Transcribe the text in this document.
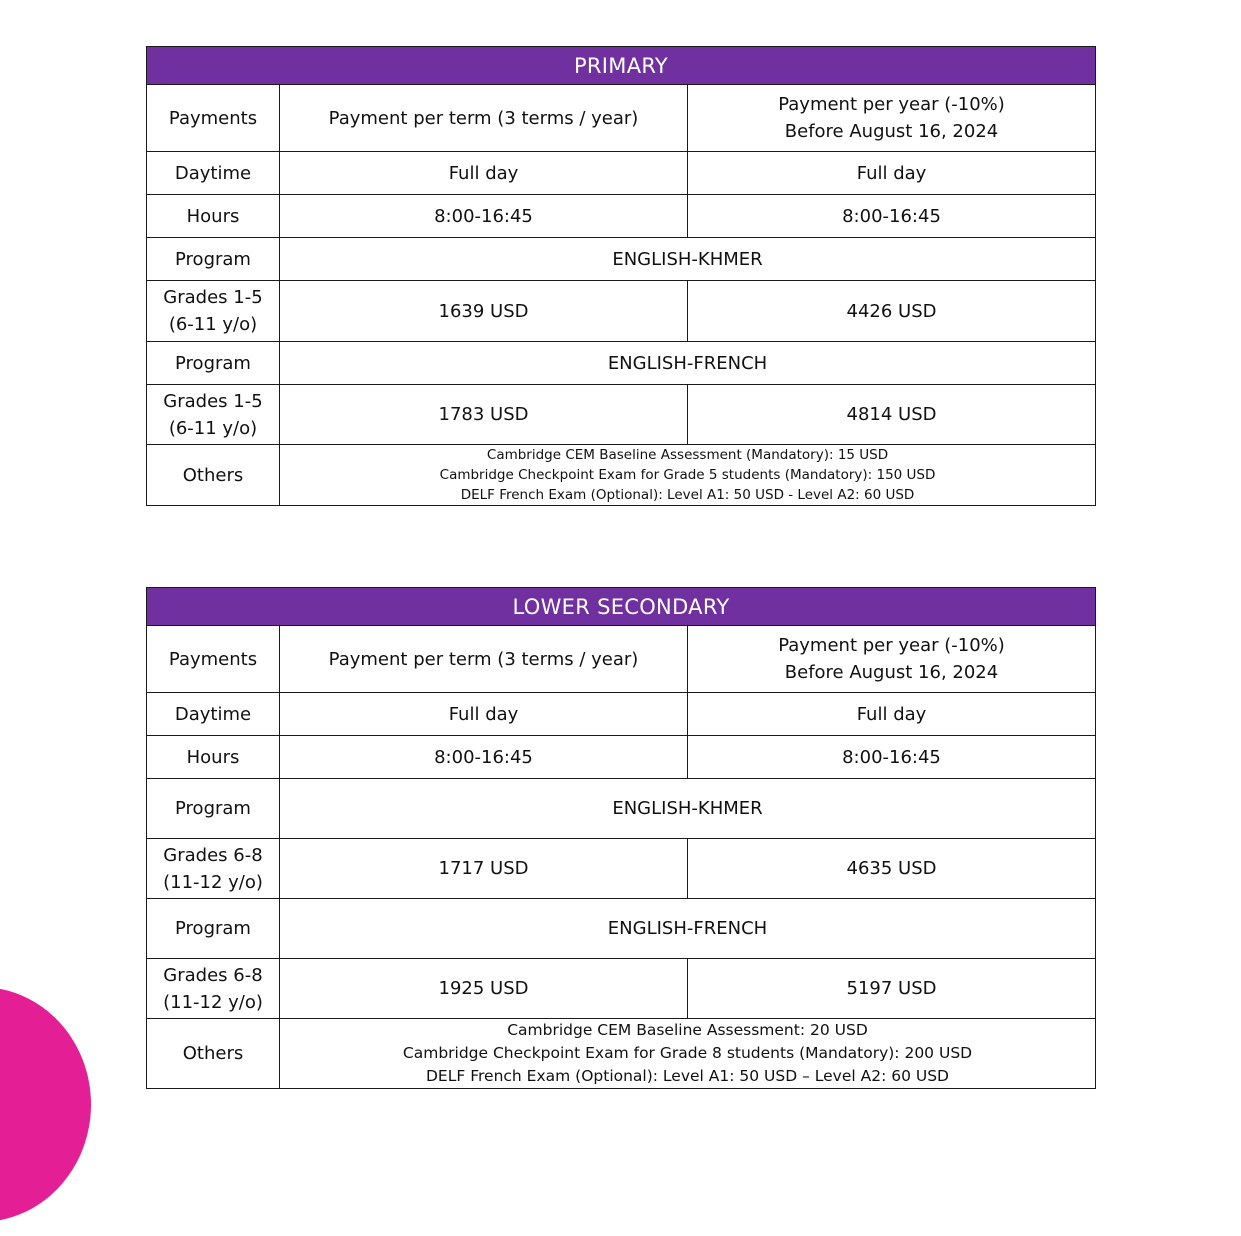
PRIMARY		
Payments	Payment per term (3 terms / year)	Payment per year (-10%)
Before August 16, 2024

Daytime	Full day	Full day
Hours	8:00-16:45	8:00-16:45
Program	ENGLISH-KHMER	

Grades 1-5
(6-11 y/o)	1639 USD	4426 USD
Program	ENGLISH-FRENCH	

Grades 1-5
(6-11 y/o)	1783 USD	4814 USD
Others	Cambridge CEM Baseline Assessment (Mandatory): 15 USD
Cambridge Checkpoint Exam for Grade 5 students (Mandatory): 150 USD
DELF French Exam (Optional): Level A1: 50 USD - Level A2: 60 USD	
LOWER SECONDARY		
Payments	Payment per term (3 terms / year)	Payment per year (-10%)
Before August 16, 2024

Daytime	Full day	Full day
Hours	8:00-16:45	8:00-16:45
Program	ENGLISH-KHMER	

Grades 6-8
(11-12 y/o)	1717 USD	4635 USD
Program	ENGLISH-FRENCH	

Grades 6-8
(11-12 y/o)	1925 USD	5197 USD
Others	Cambridge CEM Baseline Assessment: 20 USD
Cambridge Checkpoint Exam for Grade 8 students (Mandatory): 200 USD
DELF French Exam (Optional): Level A1: 50 USD – Level A2: 60 USD	
